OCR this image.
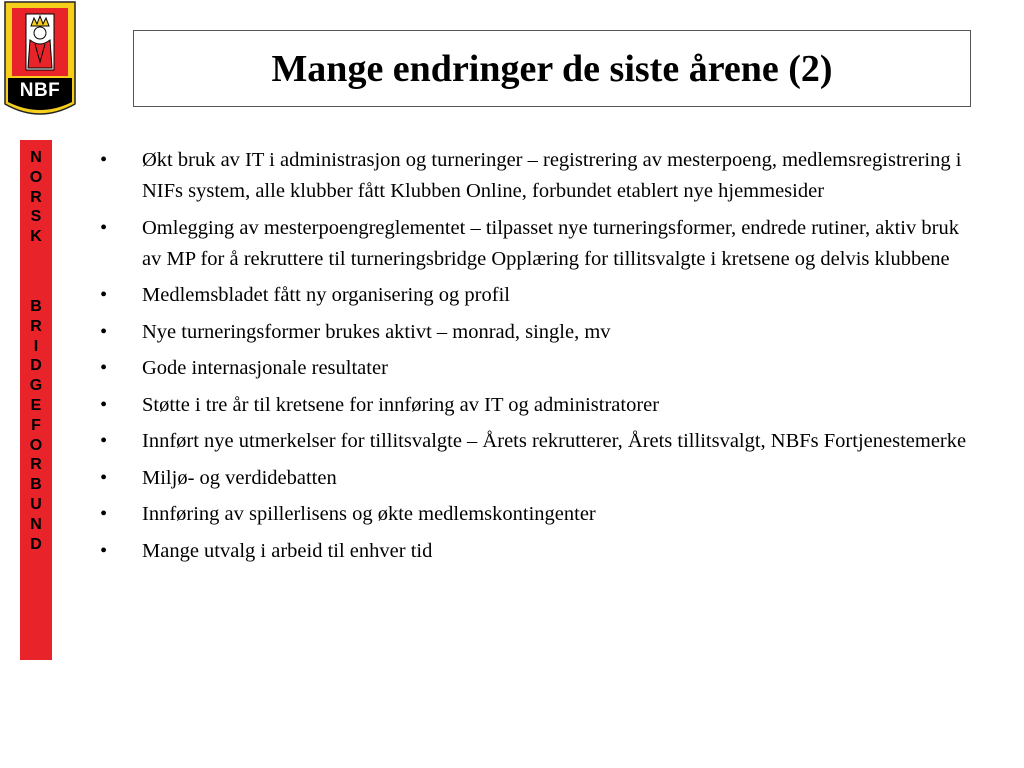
NBF
Mange endringer de siste årene (2)
N
O
R
S
K
B
R
I
D
G
E
F
O
R
B
U
N
D
• Økt bruk av IT i administrasjon og turneringer – registrering av mesterpoeng, medlemsregistrering i NIFs system, alle klubber fått Klubben Online, forbundet etablert nye hjemmesider
• Omlegging av mesterpoengreglementet – tilpasset nye turneringsformer, endrede rutiner, aktiv bruk av MP for å rekruttere til turneringsbridge Opplæring for tillitsvalgte i kretsene og delvis klubbene
• Medlemsbladet fått ny organisering og profil
• Nye turneringsformer brukes aktivt – monrad, single, mv
• Gode internasjonale resultater
• Støtte i tre år til kretsene for innføring av IT og administratorer
• Innført nye utmerkelser for tillitsvalgte – Årets rekrutterer, Årets tillitsvalgt, NBFs Fortjenestemerke
• Miljø- og verdidebatten
• Innføring av spillerlisens og økte medlemskontingenter
• Mange utvalg i arbeid til enhver tid
